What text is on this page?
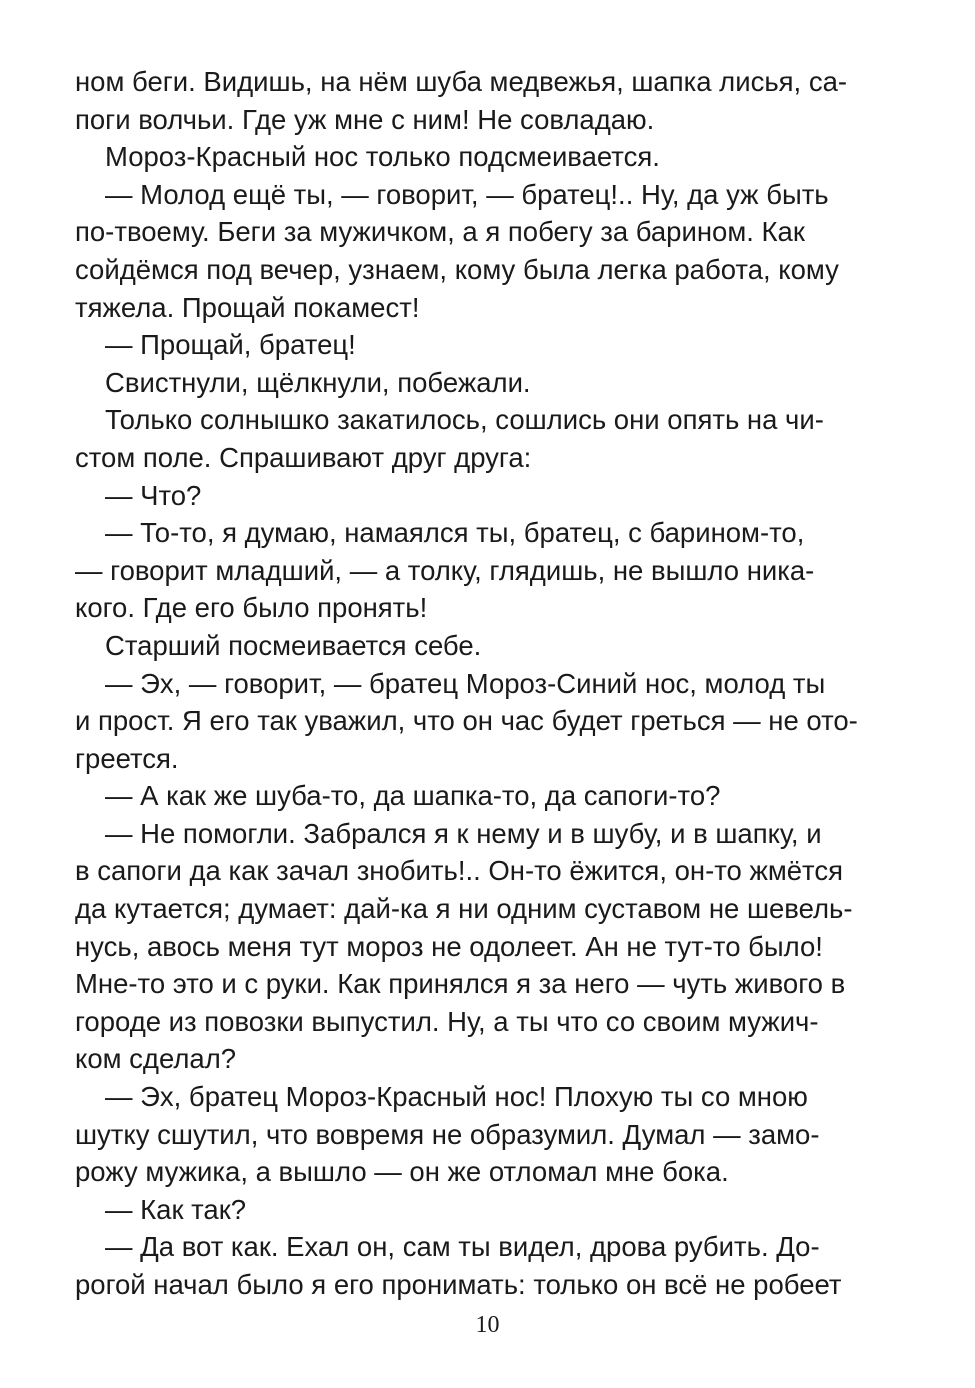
ном беги. Видишь, на нём шуба медвежья, шапка лисья, са-
поги волчьи. Где уж мне с ним! Не совладаю.
Мороз-Красный нос только подсмеивается.
— Молод ещё ты, — говорит, — братец!.. Ну, да уж быть
по-твоему. Беги за мужичком, а я побегу за барином. Как
сойдёмся под вечер, узнаем, кому была легка работа, кому
тяжела. Прощай покамест!
— Прощай, братец!
Свистнули, щёлкнули, побежали.
Только солнышко закатилось, сошлись они опять на чи-
стом поле. Спрашивают друг друга:
— Что?
— То-то, я думаю, намаялся ты, братец, с барином-то,
— говорит младший, — а толку, глядишь, не вышло ника-
кого. Где его было пронять!
Старший посмеивается себе.
— Эх, — говорит, — братец Мороз-Синий нос, молод ты
и прост. Я его так уважил, что он час будет греться — не ото-
греется.
— А как же шуба-то, да шапка-то, да сапоги-то?
— Не помогли. Забрался я к нему и в шубу, и в шапку, и
в сапоги да как зачал знобить!.. Он-то ёжится, он-то жмётся
да кутается; думает: дай-ка я ни одним суставом не шевель-
нусь, авось меня тут мороз не одолеет. Ан не тут-то было!
Мне-то это и с руки. Как принялся я за него — чуть живого в
городе из повозки выпустил. Ну, а ты что со своим мужич-
ком сделал?
— Эх, братец Мороз-Красный нос! Плохую ты со мною
шутку сшутил, что вовремя не образумил. Думал — замо-
рожу мужика, а вышло — он же отломал мне бока.
— Как так?
— Да вот как. Ехал он, сам ты видел, дрова рубить. До-
рогой начал было я его пронимать: только он всё не робеет
10
